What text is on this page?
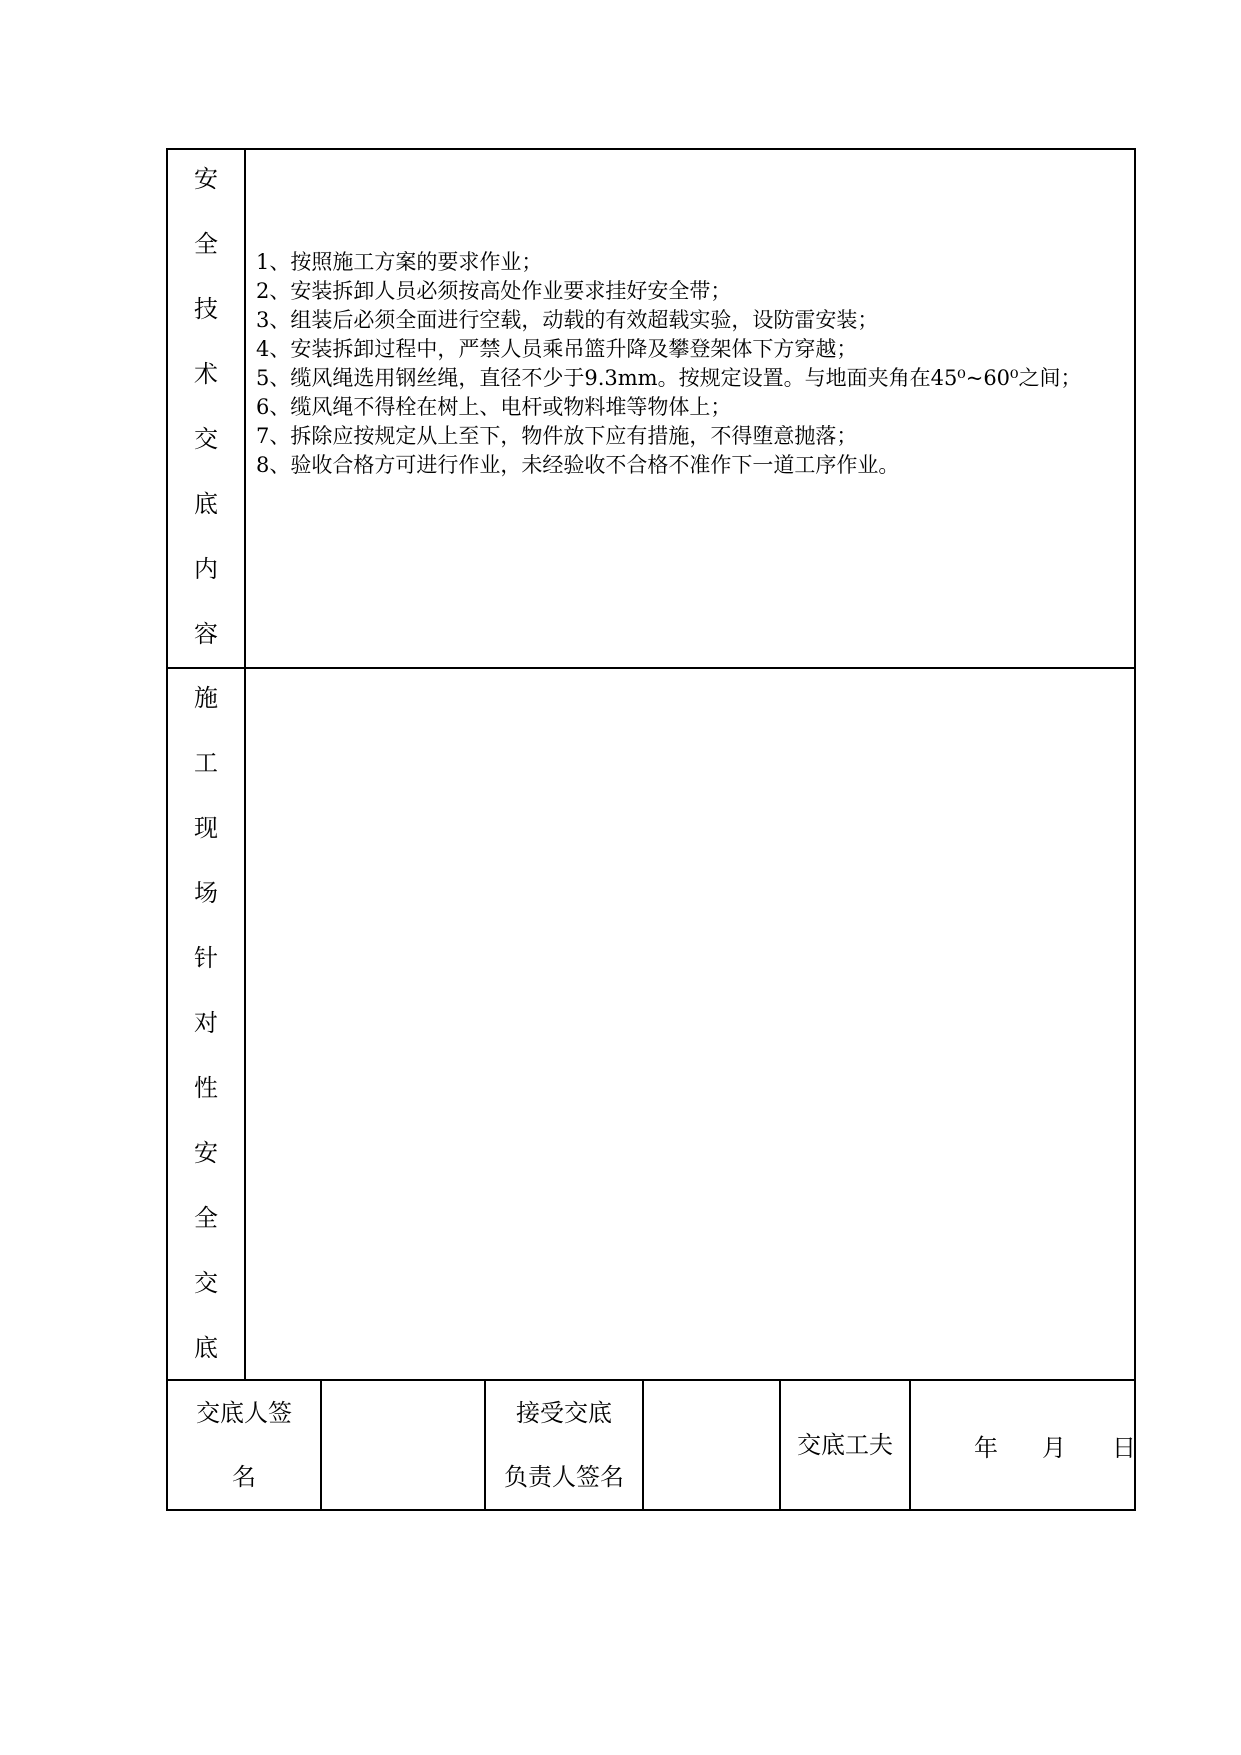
安
全
技
术
交
底
内
容
1、按照施工方案的要求作业；
2、安装拆卸人员必须按高处作业要求挂好安全带；
3、组装后必须全面进行空载，动载的有效超载实验，设防雷安装；
4、安装拆卸过程中，严禁人员乘吊篮升降及攀登架体下方穿越；
5、缆风绳选用钢丝绳，直径不少于9.3mm。按规定设置。与地面夹角在45⁰~60⁰之间；
6、缆风绳不得栓在树上、电杆或物料堆等物体上；
7、拆除应按规定从上至下，物件放下应有措施，不得堕意抛落；
8、验收合格方可进行作业，未经验收不合格不准作下一道工序作业。
施
工
现
场
针
对
性
安
全
交
底
交底人签
名
接受交底
负责人签名
交底工夫	年 月 日
